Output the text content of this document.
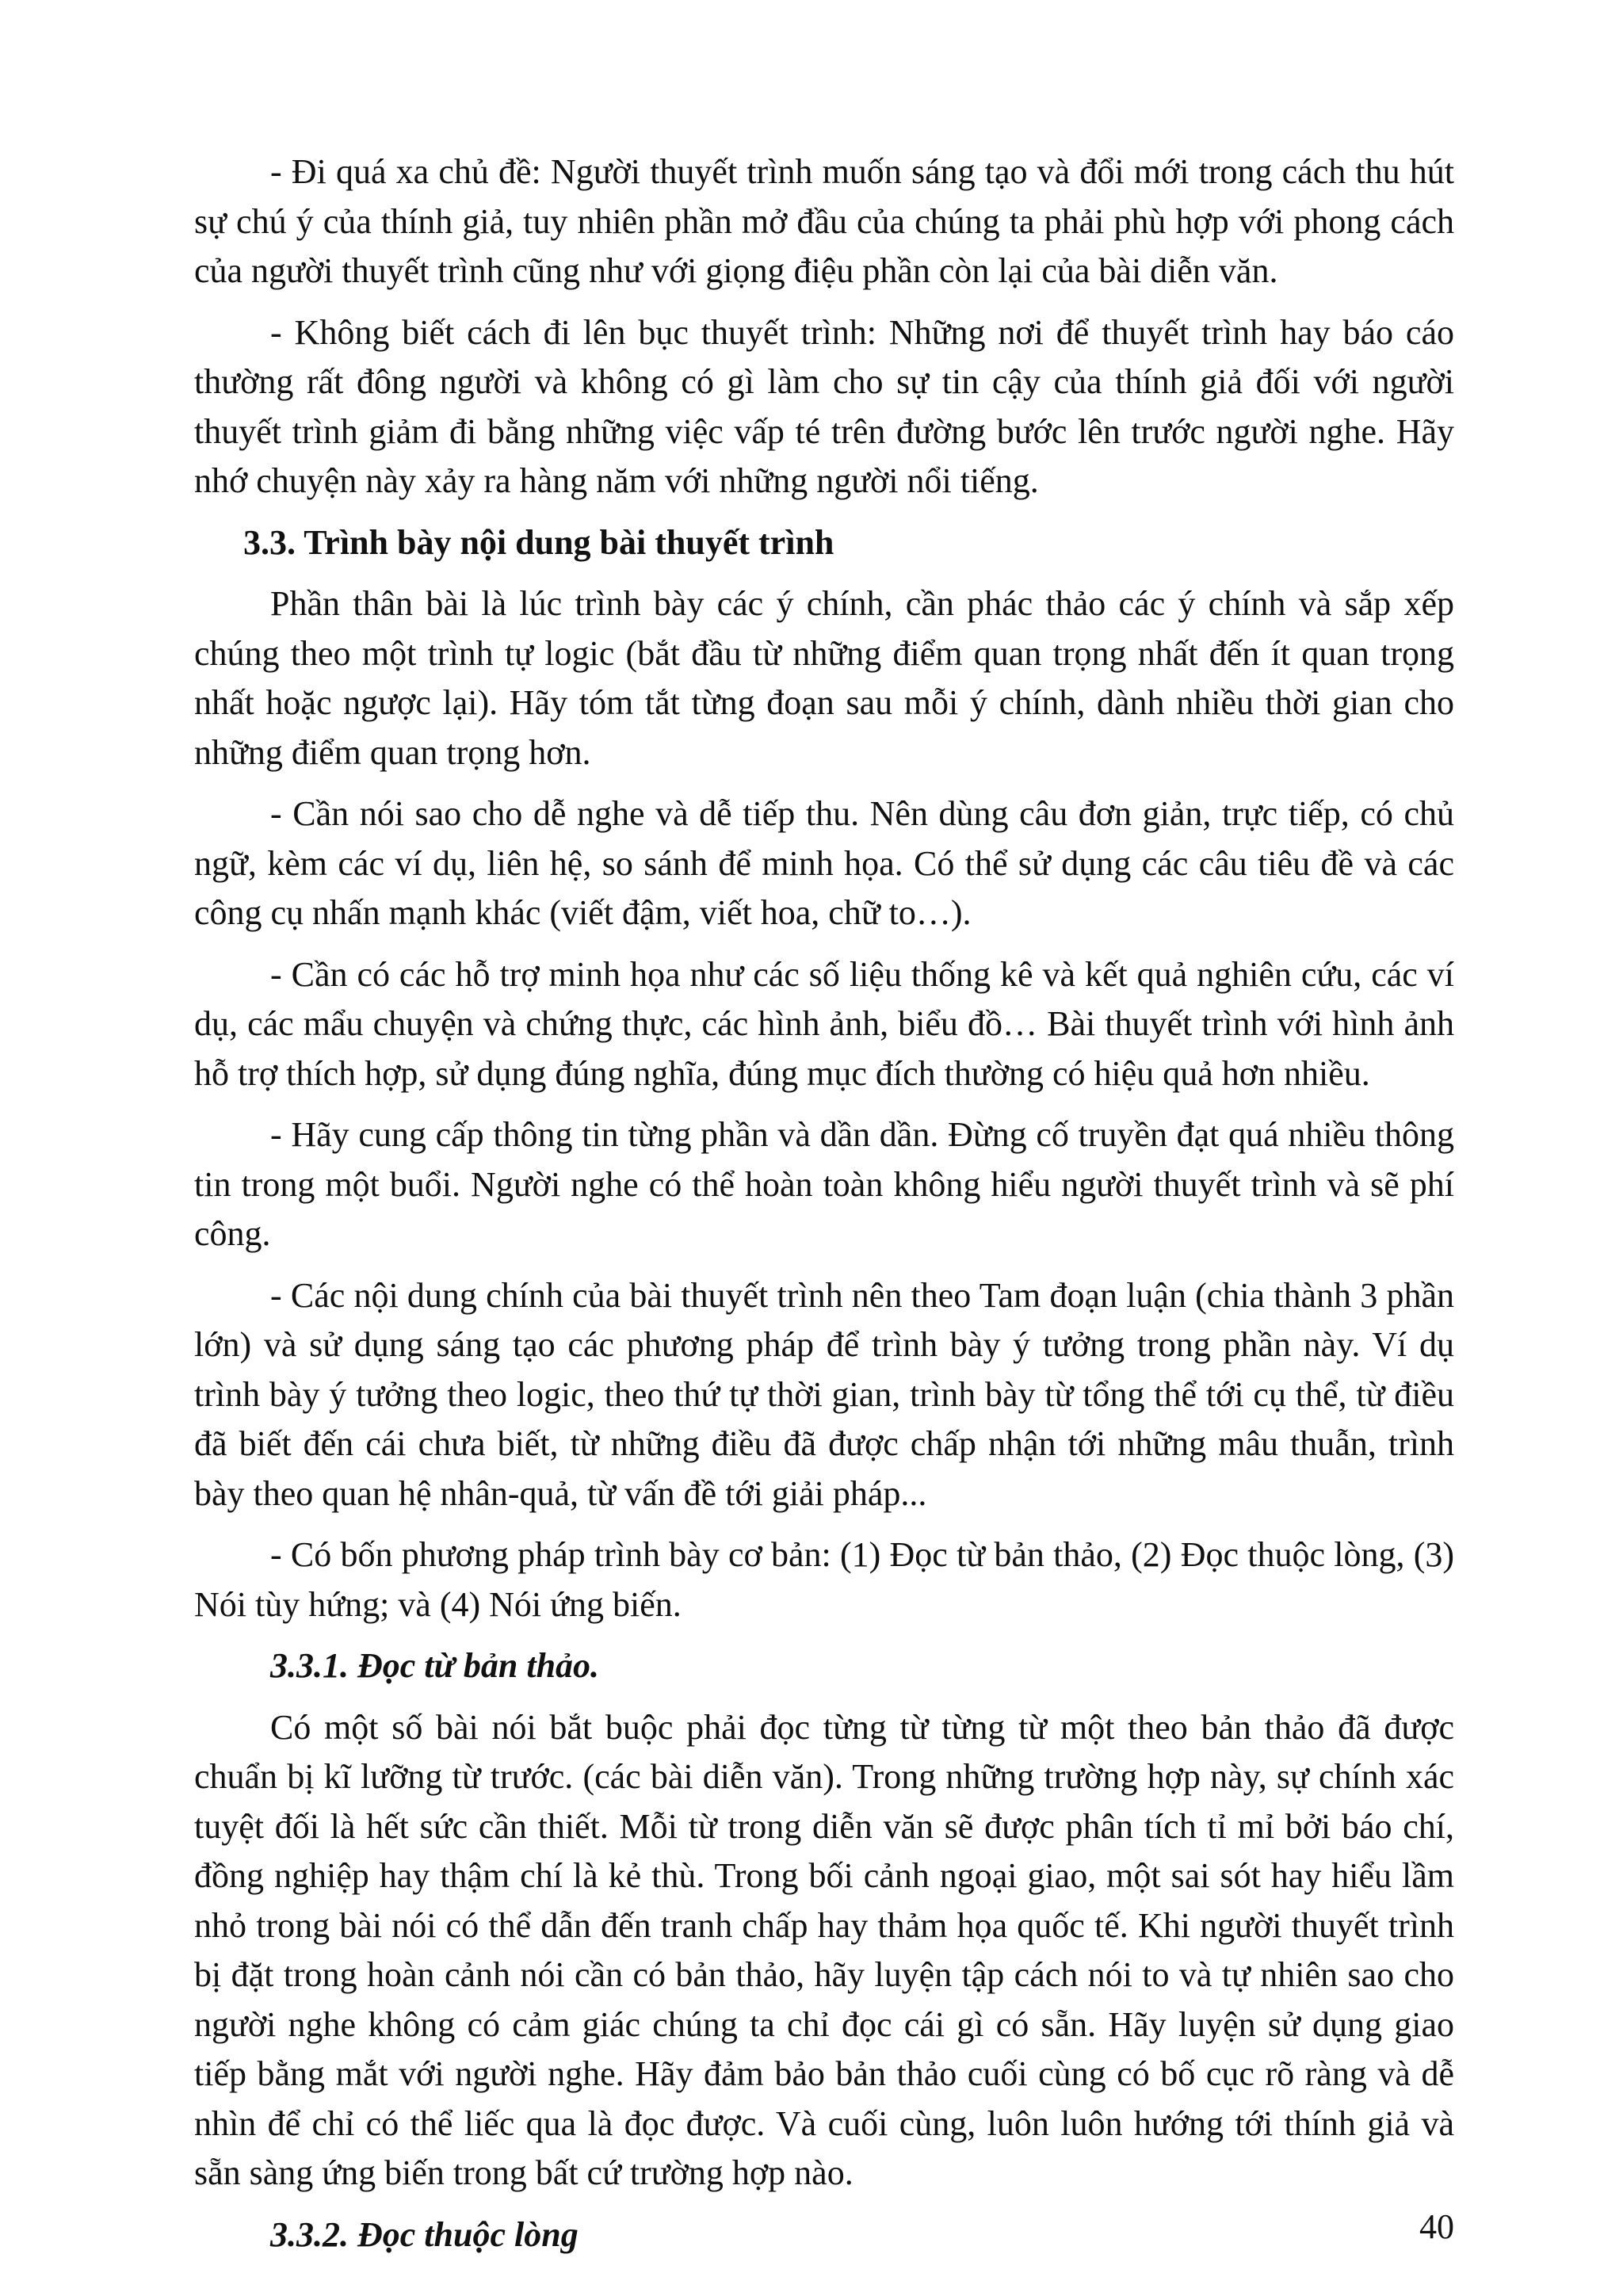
- Đi quá xa chủ đề: Người thuyết trình muốn sáng tạo và đổi mới trong cách thu hút sự chú ý của thính giả, tuy nhiên phần mở đầu của chúng ta phải phù hợp với phong cách của người thuyết trình cũng như với giọng điệu phần còn lại của bài diễn văn.

- Không biết cách đi lên bục thuyết trình: Những nơi để thuyết trình hay báo cáo thường rất đông người và không có gì làm cho sự tin cậy của thính giả đối với người thuyết trình giảm đi bằng những việc vấp té trên đường bước lên trước người nghe. Hãy nhớ chuyện này xảy ra hàng năm với những người nổi tiếng.

3.3. Trình bày nội dung bài thuyết trình

Phần thân bài là lúc trình bày các ý chính, cần phác thảo các ý chính và sắp xếp chúng theo một trình tự logic (bắt đầu từ những điểm quan trọng nhất đến ít quan trọng nhất hoặc ngược lại). Hãy tóm tắt từng đoạn sau mỗi ý chính, dành nhiều thời gian cho những điểm quan trọng hơn.

- Cần nói sao cho dễ nghe và dễ tiếp thu. Nên dùng câu đơn giản, trực tiếp, có chủ ngữ, kèm các ví dụ, liên hệ, so sánh để minh họa. Có thể sử dụng các câu tiêu đề và các công cụ nhấn mạnh khác (viết đậm, viết hoa, chữ to…).

- Cần có các hỗ trợ minh họa như các số liệu thống kê và kết quả nghiên cứu, các ví dụ, các mẩu chuyện và chứng thực, các hình ảnh, biểu đồ… Bài thuyết trình với hình ảnh hỗ trợ thích hợp, sử dụng đúng nghĩa, đúng mục đích thường có hiệu quả hơn nhiều.

- Hãy cung cấp thông tin từng phần và dần dần. Đừng cố truyền đạt quá nhiều thông tin trong một buổi. Người nghe có thể hoàn toàn không hiểu người thuyết trình và sẽ phí công.

- Các nội dung chính của bài thuyết trình nên theo Tam đoạn luận (chia thành 3 phần lớn) và sử dụng sáng tạo các phương pháp để trình bày ý tưởng trong phần này. Ví dụ trình bày ý tưởng theo logic, theo thứ tự thời gian, trình bày từ tổng thể tới cụ thể, từ điều đã biết đến cái chưa biết, từ những điều đã được chấp nhận tới những mâu thuẫn, trình bày theo quan hệ nhân-quả, từ vấn đề tới giải pháp...

- Có bốn phương pháp trình bày cơ bản: (1) Đọc từ bản thảo, (2) Đọc thuộc lòng, (3) Nói tùy hứng; và (4) Nói ứng biến.

3.3.1. Đọc từ bản thảo.

Có một số bài nói bắt buộc phải đọc từng từ từng từ một theo bản thảo đã được chuẩn bị kĩ lưỡng từ trước. (các bài diễn văn). Trong những trường hợp này, sự chính xác tuyệt đối là hết sức cần thiết. Mỗi từ trong diễn văn sẽ được phân tích tỉ mỉ bởi báo chí, đồng nghiệp hay thậm chí là kẻ thù. Trong bối cảnh ngoại giao, một sai sót hay hiểu lầm nhỏ trong bài nói có thể dẫn đến tranh chấp hay thảm họa quốc tế. Khi người thuyết trình bị đặt trong hoàn cảnh nói cần có bản thảo, hãy luyện tập cách nói to và tự nhiên sao cho người nghe không có cảm giác chúng ta chỉ đọc cái gì có sẵn. Hãy luyện sử dụng giao tiếp bằng mắt với người nghe. Hãy đảm bảo bản thảo cuối cùng có bố cục rõ ràng và dễ nhìn để chỉ có thể liếc qua là đọc được. Và cuối cùng, luôn luôn hướng tới thính giả và sẵn sàng ứng biến trong bất cứ trường hợp nào.

3.3.2. Đọc thuộc lòng	40
